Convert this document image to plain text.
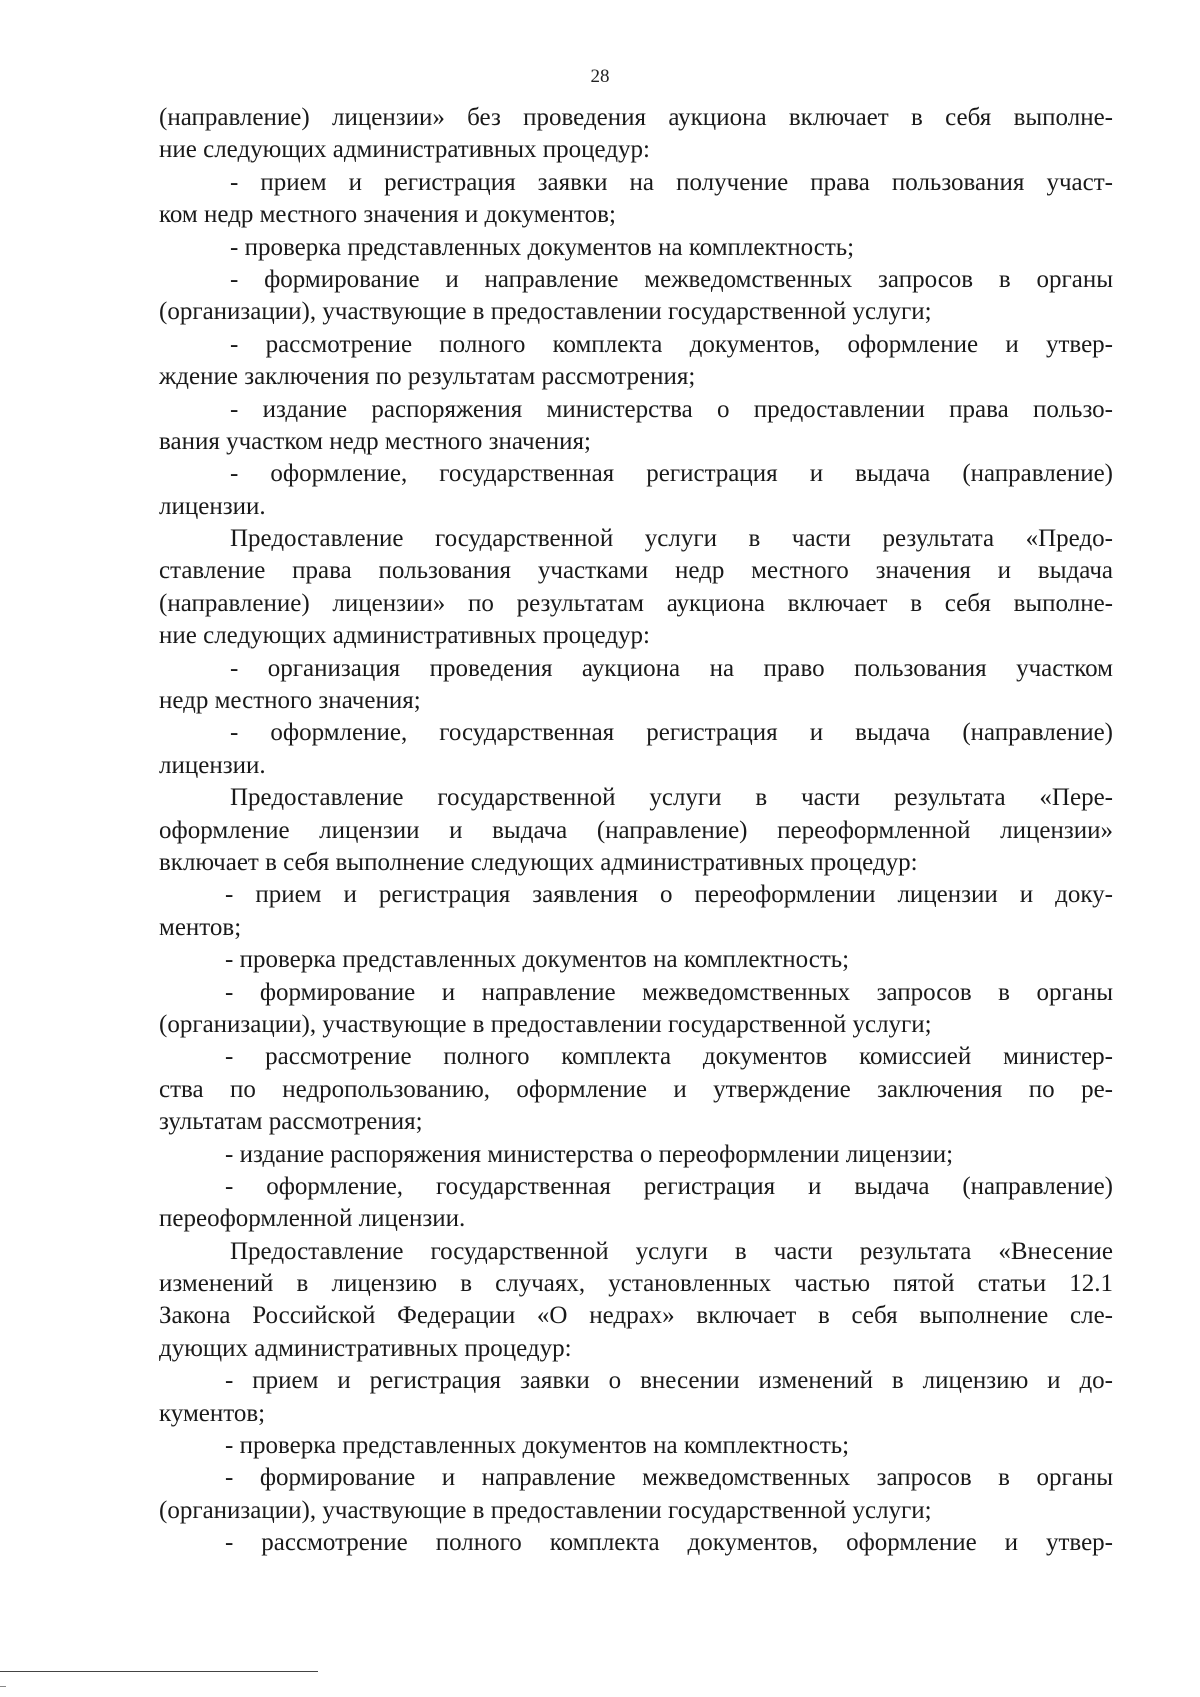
28
(направление) лицензии» без проведения аукциона включает в себя выполне-
ние следующих административных процедур:
- прием и регистрация заявки на получение права пользования участ-
ком недр местного значения и документов;
- проверка представленных документов на комплектность;
- формирование и направление межведомственных запросов в органы
(организации), участвующие в предоставлении государственной услуги;
- рассмотрение полного комплекта документов, оформление и утвер-
ждение заключения по результатам рассмотрения;
- издание распоряжения министерства о предоставлении права пользо-
вания участком недр местного значения;
- оформление, государственная регистрация и выдача (направление)
лицензии.
Предоставление государственной услуги в части результата «Предо-
ставление права пользования участками недр местного значения и выдача
(направление) лицензии» по результатам аукциона включает в себя выполне-
ние следующих административных процедур:
- организация проведения аукциона на право пользования участком
недр местного значения;
- оформление, государственная регистрация и выдача (направление)
лицензии.
Предоставление государственной услуги в части результата «Пере-
оформление лицензии и выдача (направление) переоформленной лицензии»
включает в себя выполнение следующих административных процедур:
- прием и регистрация заявления о переоформлении лицензии и доку-
ментов;
- проверка представленных документов на комплектность;
- формирование и направление межведомственных запросов в органы
(организации), участвующие в предоставлении государственной услуги;
- рассмотрение полного комплекта документов комиссией министер-
ства по недропользованию, оформление и утверждение заключения по ре-
зультатам рассмотрения;
- издание распоряжения министерства о переоформлении лицензии;
- оформление, государственная регистрация и выдача (направление)
переоформленной лицензии.
Предоставление государственной услуги в части результата «Внесение
изменений в лицензию в случаях, установленных частью пятой статьи 12.1
Закона Российской Федерации «О недрах» включает в себя выполнение сле-
дующих административных процедур:
- прием и регистрация заявки о внесении изменений в лицензию и до-
кументов;
- проверка представленных документов на комплектность;
- формирование и направление межведомственных запросов в органы
(организации), участвующие в предоставлении государственной услуги;
- рассмотрение полного комплекта документов, оформление и утвер-
